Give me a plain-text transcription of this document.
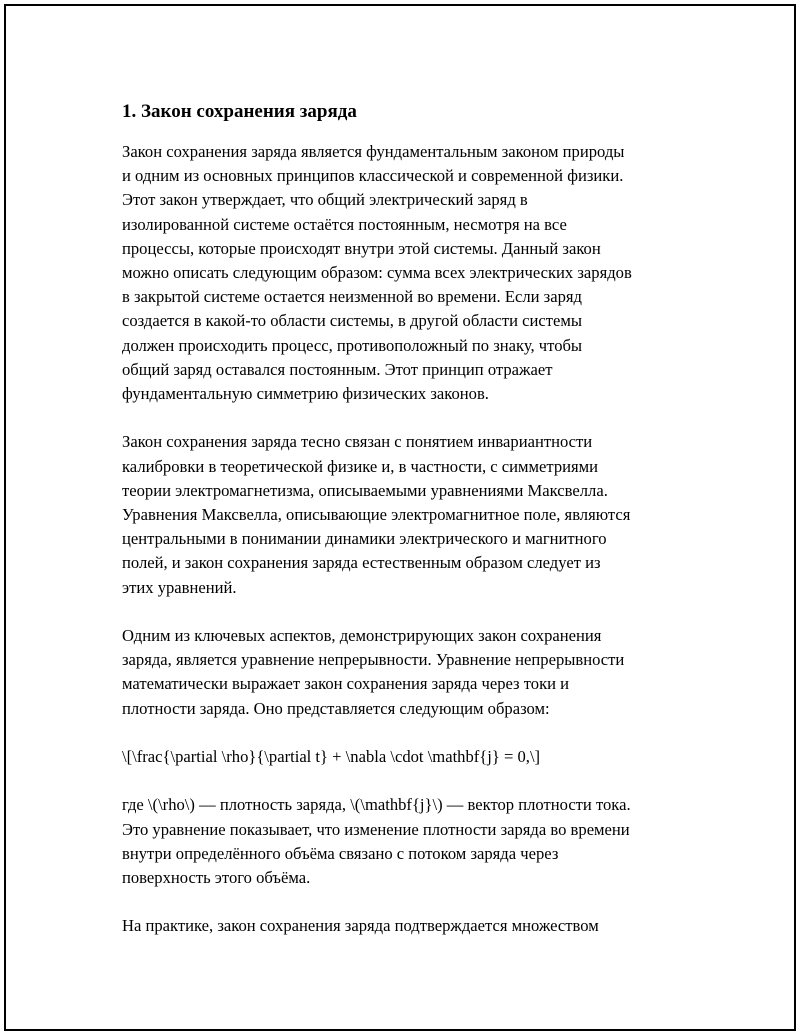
1. Закон сохранения заряда
Закон сохранения заряда является фундаментальным законом природы
и одним из основных принципов классической и современной физики.
Этот закон утверждает, что общий электрический заряд в
изолированной системе остаётся постоянным, несмотря на все
процессы, которые происходят внутри этой системы. Данный закон
можно описать следующим образом: сумма всех электрических зарядов
в закрытой системе остается неизменной во времени. Если заряд
создается в какой-то области системы, в другой области системы
должен происходить процесс, противоположный по знаку, чтобы
общий заряд оставался постоянным. Этот принцип отражает
фундаментальную симметрию физических законов.
Закон сохранения заряда тесно связан с понятием инвариантности
калибровки в теоретической физике и, в частности, с симметриями
теории электромагнетизма, описываемыми уравнениями Максвелла.
Уравнения Максвелла, описывающие электромагнитное поле, являются
центральными в понимании динамики электрического и магнитного
полей, и закон сохранения заряда естественным образом следует из
этих уравнений.
Одним из ключевых аспектов, демонстрирующих закон сохранения
заряда, является уравнение непрерывности. Уравнение непрерывности
математически выражает закон сохранения заряда через токи и
плотности заряда. Оно представляется следующим образом:
\[\frac{\partial \rho}{\partial t} + \nabla \cdot \mathbf{j} = 0,\]
где \(\rho\) — плотность заряда, \(\mathbf{j}\) — вектор плотности тока.
Это уравнение показывает, что изменение плотности заряда во времени
внутри определённого объёма связано с потоком заряда через
поверхность этого объёма.
На практике, закон сохранения заряда подтверждается множеством
